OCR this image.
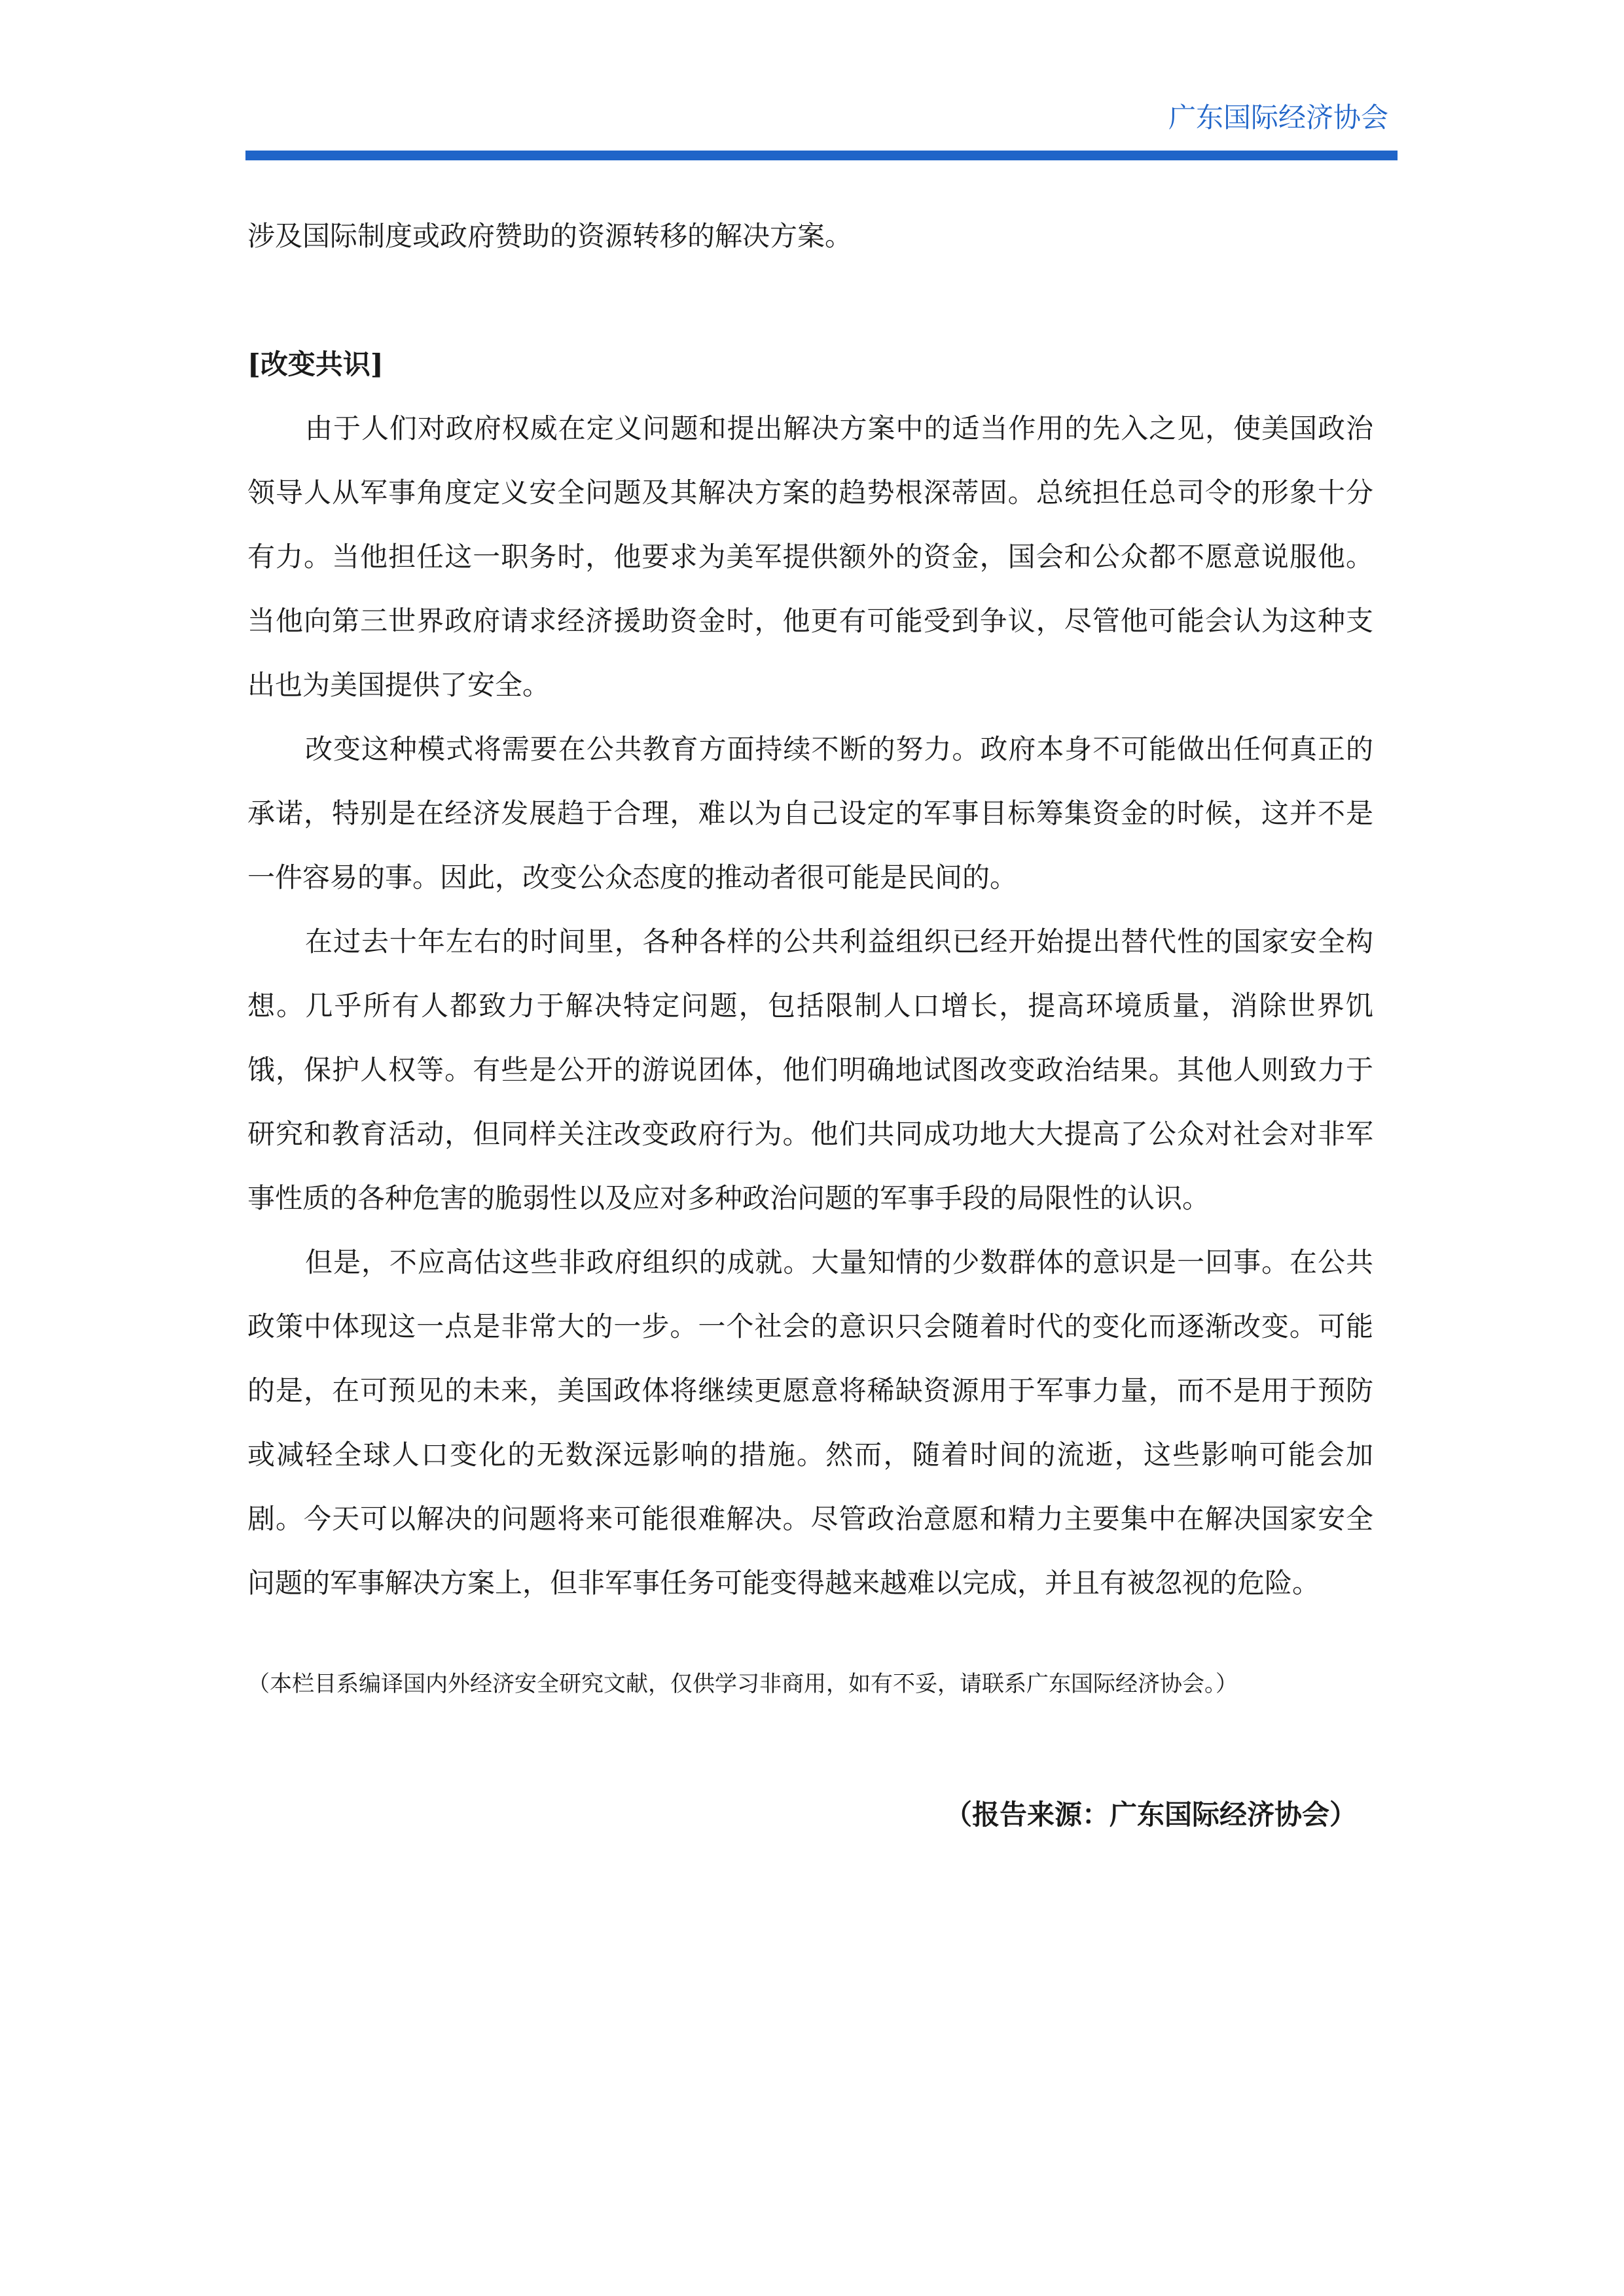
广东国际经济协会

涉及国际制度或政府赞助的资源转移的解决方案。

[改变共识]

由于人们对政府权威在定义问题和提出解决方案中的适当作用的先入之见，使美国政治领导人从军事角度定义安全问题及其解决方案的趋势根深蒂固。总统担任总司令的形象十分有力。当他担任这一职务时，他要求为美军提供额外的资金，国会和公众都不愿意说服他。当他向第三世界政府请求经济援助资金时，他更有可能受到争议，尽管他可能会认为这种支出也为美国提供了安全。

改变这种模式将需要在公共教育方面持续不断的努力。政府本身不可能做出任何真正的承诺，特别是在经济发展趋于合理，难以为自己设定的军事目标筹集资金的时候，这并不是一件容易的事。因此，改变公众态度的推动者很可能是民间的。

在过去十年左右的时间里，各种各样的公共利益组织已经开始提出替代性的国家安全构想。几乎所有人都致力于解决特定问题，包括限制人口增长，提高环境质量，消除世界饥饿，保护人权等。有些是公开的游说团体，他们明确地试图改变政治结果。其他人则致力于研究和教育活动，但同样关注改变政府行为。他们共同成功地大大提高了公众对社会对非军事性质的各种危害的脆弱性以及应对多种政治问题的军事手段的局限性的认识。

但是，不应高估这些非政府组织的成就。大量知情的少数群体的意识是一回事。在公共政策中体现这一点是非常大的一步。一个社会的意识只会随着时代的变化而逐渐改变。可能的是，在可预见的未来，美国政体将继续更愿意将稀缺资源用于军事力量，而不是用于预防或减轻全球人口变化的无数深远影响的措施。然而，随着时间的流逝，这些影响可能会加剧。今天可以解决的问题将来可能很难解决。尽管政治意愿和精力主要集中在解决国家安全问题的军事解决方案上，但非军事任务可能变得越来越难以完成，并且有被忽视的危险。

（本栏目系编译国内外经济安全研究文献，仅供学习非商用，如有不妥，请联系广东国际经济协会。）

（报告来源：广东国际经济协会）
